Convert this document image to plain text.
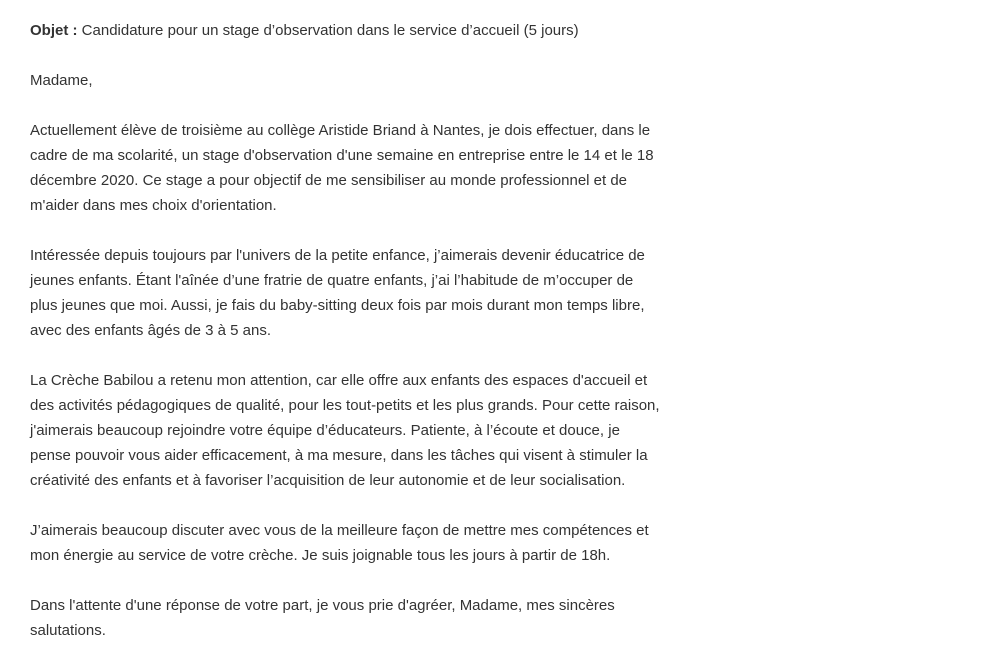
Objet : Candidature pour un stage d’observation dans le service d’accueil (5 jours)

Madame,

Actuellement élève de troisième au collège Aristide Briand à Nantes, je dois effectuer, dans le cadre de ma scolarité, un stage d'observation d'une semaine en entreprise entre le 14 et le 18 décembre 2020. Ce stage a pour objectif de me sensibiliser au monde professionnel et de m'aider dans mes choix d'orientation.

Intéressée depuis toujours par l'univers de la petite enfance, j’aimerais devenir éducatrice de jeunes enfants. Étant l'aînée d’une fratrie de quatre enfants, j’ai l’habitude de m’occuper de plus jeunes que moi. Aussi, je fais du baby-sitting deux fois par mois durant mon temps libre, avec des enfants âgés de 3 à 5 ans.

La Crèche Babilou a retenu mon attention, car elle offre aux enfants des espaces d'accueil et des activités pédagogiques de qualité, pour les tout-petits et les plus grands. Pour cette raison, j'aimerais beaucoup rejoindre votre équipe d’éducateurs. Patiente, à l’écoute et douce, je pense pouvoir vous aider efficacement, à ma mesure, dans les tâches qui visent à stimuler la créativité des enfants et à favoriser l’acquisition de leur autonomie et de leur socialisation.

J’aimerais beaucoup discuter avec vous de la meilleure façon de mettre mes compétences et mon énergie au service de votre crèche. Je suis joignable tous les jours à partir de 18h.

Dans l'attente d'une réponse de votre part, je vous prie d'agréer, Madame, mes sincères salutations.
